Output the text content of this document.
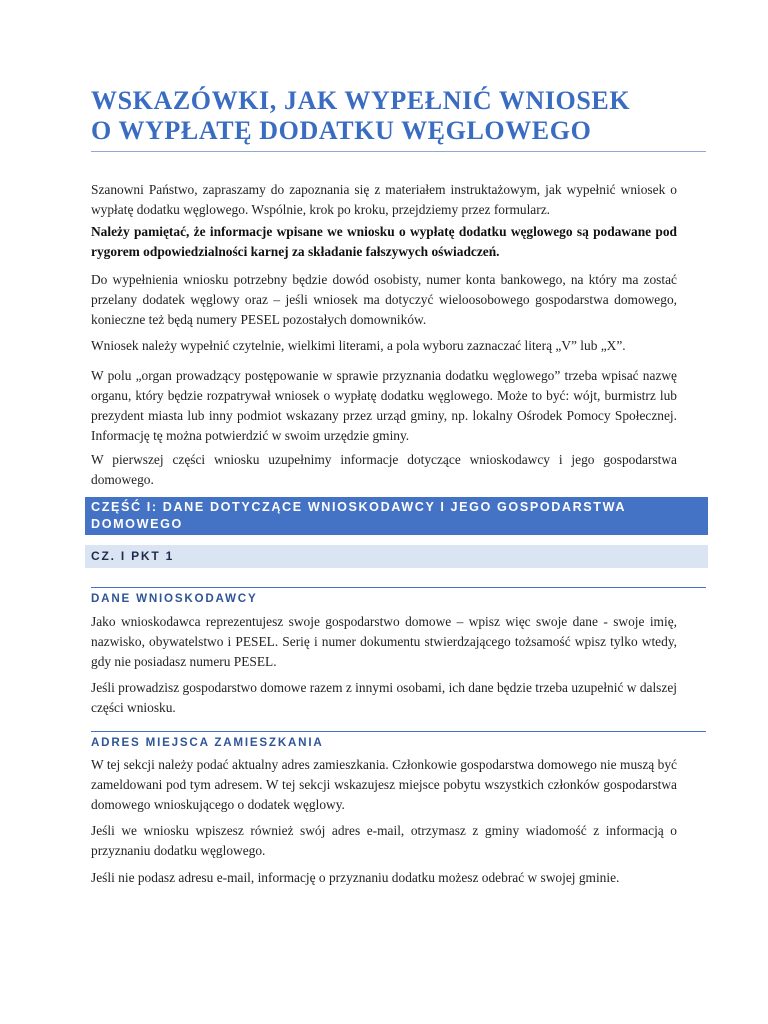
WSKAZÓWKI, JAK WYPEŁNIĆ WNIOSEK
O WYPŁATĘ DODATKU WĘGLOWEGO

Szanowni Państwo, zapraszamy do zapoznania się z materiałem instruktażowym, jak wypełnić wniosek o wypłatę dodatku węglowego. Wspólnie, krok po kroku, przejdziemy przez formularz.

Należy pamiętać, że informacje wpisane we wniosku o wypłatę dodatku węglowego są podawane pod rygorem odpowiedzialności karnej za składanie fałszywych oświadczeń.

Do wypełnienia wniosku potrzebny będzie dowód osobisty, numer konta bankowego, na który ma zostać przelany dodatek węglowy oraz – jeśli wniosek ma dotyczyć wieloosobowego gospodarstwa domowego, konieczne też będą numery PESEL pozostałych domowników.

Wniosek należy wypełnić czytelnie, wielkimi literami, a pola wyboru zaznaczać literą „V” lub „X”.

W polu „organ prowadzący postępowanie w sprawie przyznania dodatku węglowego” trzeba wpisać nazwę organu, który będzie rozpatrywał wniosek o wypłatę dodatku węglowego. Może to być: wójt, burmistrz lub prezydent miasta lub inny podmiot wskazany przez urząd gminy, np. lokalny Ośrodek Pomocy Społecznej. Informację tę można potwierdzić w swoim urzędzie gminy.

W pierwszej części wniosku uzupełnimy informacje dotyczące wnioskodawcy i jego gospodarstwa domowego.

CZĘŚĆ I: DANE DOTYCZĄCE WNIOSKODAWCY I JEGO GOSPODARSTWA DOMOWEGO
CZ. I PKT 1
DANE WNIOSKODAWCY

Jako wnioskodawca reprezentujesz swoje gospodarstwo domowe – wpisz więc swoje dane - swoje imię, nazwisko, obywatelstwo i PESEL. Serię i numer dokumentu stwierdzającego tożsamość wpisz tylko wtedy, gdy nie posiadasz numeru PESEL.

Jeśli prowadzisz gospodarstwo domowe razem z innymi osobami, ich dane będzie trzeba uzupełnić w dalszej części wniosku.

ADRES MIEJSCA ZAMIESZKANIA

W tej sekcji należy podać aktualny adres zamieszkania. Członkowie gospodarstwa domowego nie muszą być zameldowani pod tym adresem. W tej sekcji wskazujesz miejsce pobytu wszystkich członków gospodarstwa domowego wnioskującego o dodatek węglowy.

Jeśli we wniosku wpiszesz również swój adres e-mail, otrzymasz z gminy wiadomość z informacją o przyznaniu dodatku węglowego.

Jeśli nie podasz adresu e-mail, informację o przyznaniu dodatku możesz odebrać w swojej gminie.
